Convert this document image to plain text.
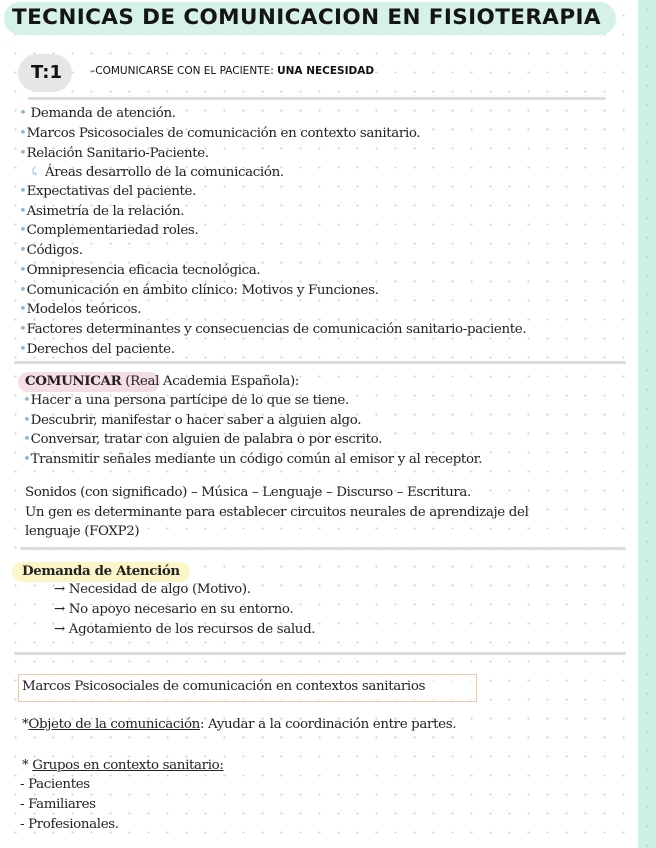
TECNICAS DE COMUNICACION EN FISIOTERAPIA
T:1	–COMUNICARSE CON EL PACIENTE: UNA NECESIDAD
• Demanda de atención.
•Marcos Psicosociales de comunicación en contexto sanitario.
•Relación Sanitario-Paciente.
↳ Áreas desarrollo de la comunicación.
•Expectativas del paciente.
•Asimetría de la relación.
•Complementariedad roles.
•Códigos.
•Omnipresencia eficacia tecnológica.
•Comunicación en ámbito clínico: Motivos y Funciones.
•Modelos teóricos.
•Factores determinantes y consecuencias de comunicación sanitario-paciente.
•Derechos del paciente.
COMUNICAR (Real Academia Española):
•Hacer a una persona partícipe de lo que se tiene.
•Descubrir, manifestar o hacer saber a alguien algo.
•Conversar, tratar con alguien de palabra o por escrito.
•Transmitir señales mediante un código común al emisor y al receptor.
Sonidos (con significado) – Música – Lenguaje – Discurso – Escritura.
Un gen es determinante para establecer circuitos neurales de aprendizaje del
lenguaje (FOXP2)
Demanda de Atención
→ Necesidad de algo (Motivo).
→ No apoyo necesario en su entorno.
→ Agotamiento de los recursos de salud.
Marcos Psicosociales de comunicación en contextos sanitarios
*Objeto de la comunicación: Ayudar a la coordinación entre partes.
* Grupos en contexto sanitario:
- Pacientes
- Familiares
- Profesionales.
